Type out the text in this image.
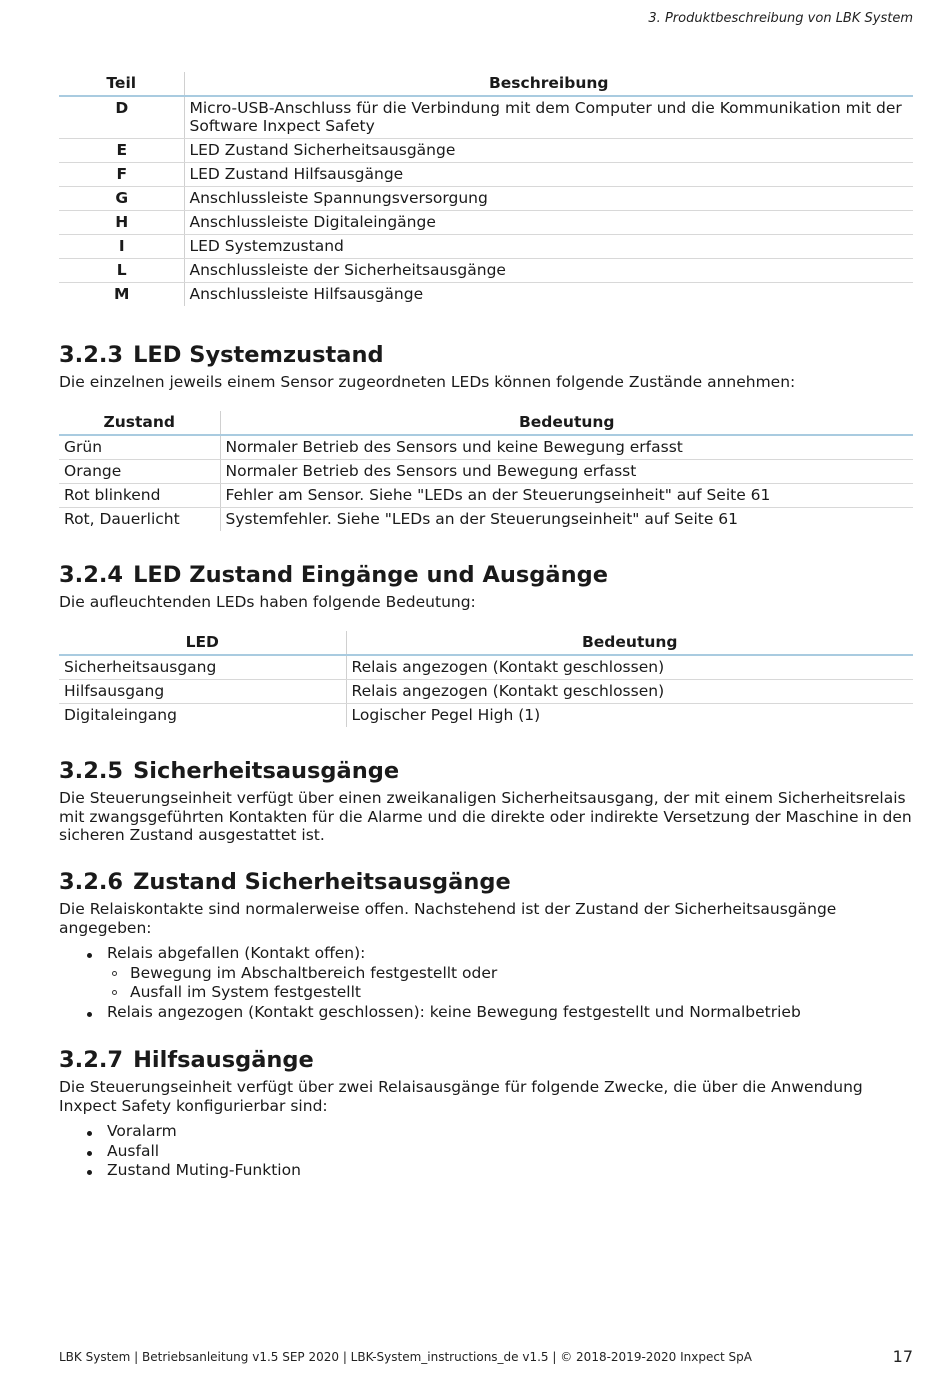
3. Produktbeschreibung von LBK System
Teil	Beschreibung
D	Micro-USB-Anschluss für die Verbindung mit dem Computer und die Kommunikation mit der Software Inxpect Safety
E	LED Zustand Sicherheitsausgänge
F	LED Zustand Hilfsausgänge
G	Anschlussleiste Spannungsversorgung
H	Anschlussleiste Digitaleingänge
I	LED Systemzustand
L	Anschlussleiste der Sicherheitsausgänge
M	Anschlussleiste Hilfsausgänge
3.2.3 LED Systemzustand

Die einzelnen jeweils einem Sensor zugeordneten LEDs können folgende Zustände annehmen:

Zustand	Bedeutung
Grün	Normaler Betrieb des Sensors und keine Bewegung erfasst
Orange	Normaler Betrieb des Sensors und Bewegung erfasst
Rot blinkend	Fehler am Sensor. Siehe "LEDs an der Steuerungseinheit" auf Seite 61
Rot, Dauerlicht	Systemfehler. Siehe "LEDs an der Steuerungseinheit" auf Seite 61
3.2.4 LED Zustand Eingänge und Ausgänge

Die aufleuchtenden LEDs haben folgende Bedeutung:

LED	Bedeutung
Sicherheitsausgang	Relais angezogen (Kontakt geschlossen)
Hilfsausgang	Relais angezogen (Kontakt geschlossen)
Digitaleingang	Logischer Pegel High (1)
3.2.5 Sicherheitsausgänge

Die Steuerungseinheit verfügt über einen zweikanaligen Sicherheitsausgang, der mit einem Sicherheitsrelais mit zwangsgeführten Kontakten für die Alarme und die direkte oder indirekte Versetzung der Maschine in den sicheren Zustand ausgestattet ist.

3.2.6 Zustand Sicherheitsausgänge

Die Relaiskontakte sind normalerweise offen. Nachstehend ist der Zustand der Sicherheitsausgänge angegeben:

Relais abgefallen (Kontakt offen):
Bewegung im Abschaltbereich festgestellt oder
Ausfall im System festgestellt
Relais angezogen (Kontakt geschlossen): keine Bewegung festgestellt und Normalbetrieb
3.2.7 Hilfsausgänge

Die Steuerungseinheit verfügt über zwei Relaisausgänge für folgende Zwecke, die über die Anwendung Inxpect Safety konfigurierbar sind:

Voralarm
Ausfall
Zustand Muting-Funktion
LBK System | Betriebsanleitung v1.5 SEP 2020 | LBK-System_instructions_de v1.5 | © 2018-2019-2020 Inxpect SpA	17
